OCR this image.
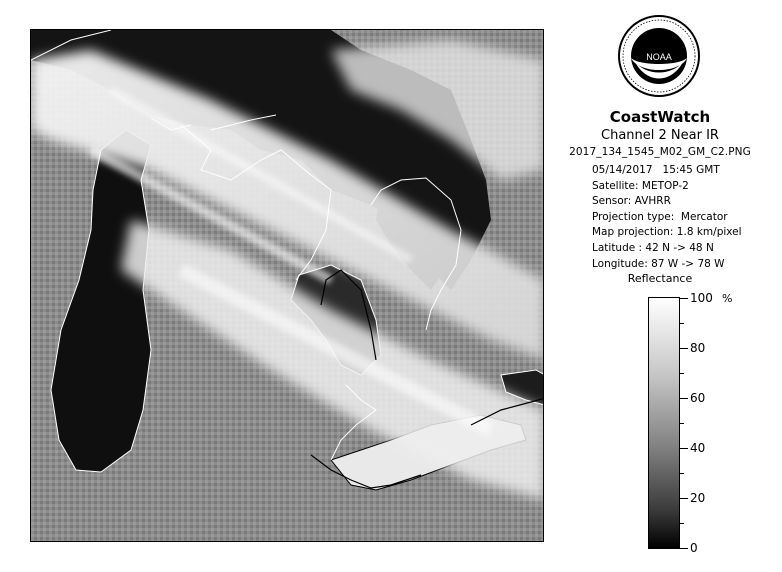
NOAA
CoastWatch
Channel 2 Near IR
2017_134_1545_M02_GM_C2.PNG
05/14/2017   15:45 GMT
Satellite: METOP-2
Sensor: AVHRR
Projection type:  Mercator
Map projection: 1.8 km/pixel
Latitude : 42 N -> 48 N
Longitude: 87 W -> 78 W
Reflectance
%
100
80
60
40
20
0
